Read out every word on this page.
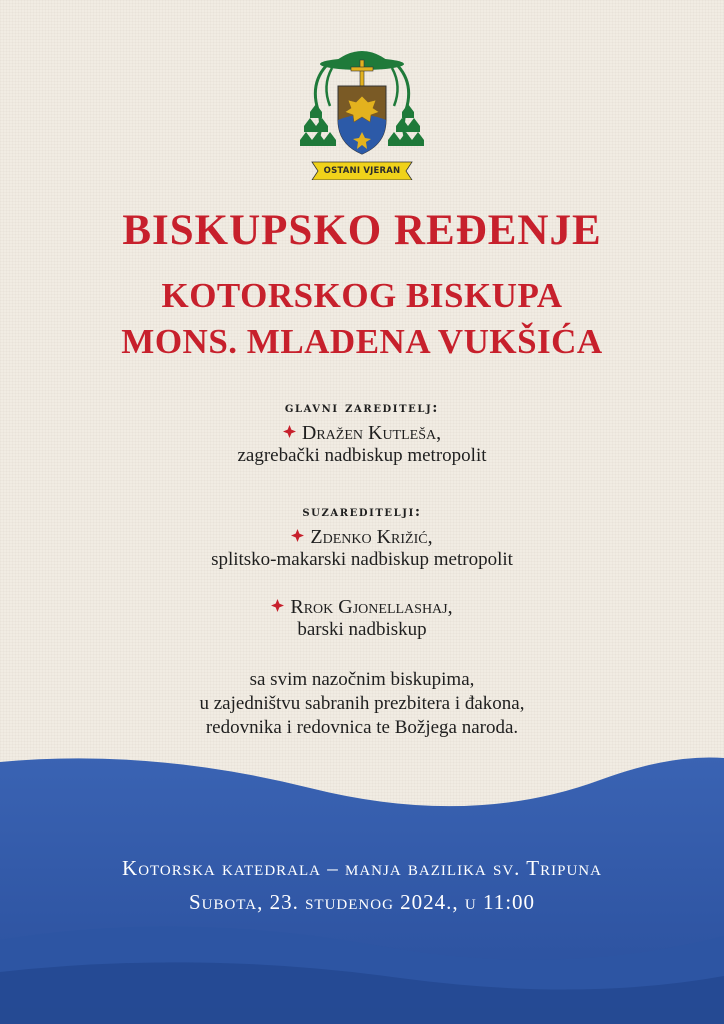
OSTANI VJERAN
BISKUPSKO REĐENJE
KOTORSKOG BISKUPA
MONS. MLADENA VUKŠIĆA
glavni zareditelj:
Dražen Kutleša,
zagrebački nadbiskup metropolit
suzareditelji:
Zdenko Križić,
splitsko-makarski nadbiskup metropolit
Rrok Gjonellashaj,
barski nadbiskup
sa svim nazočnim biskupima,
u zajedništvu sabranih prezbitera i đakona,
redovnika i redovnica te Božjega naroda.
Kotorska katedrala – manja bazilika sv. Tripuna
Subota, 23. studenog 2024., u 11:00
